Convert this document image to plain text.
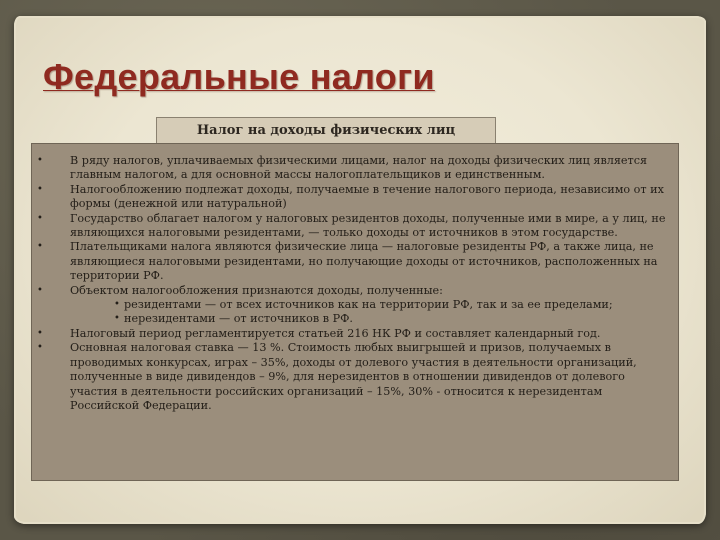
Федеральные налоги
Налог на доходы физических лиц
• В ряду налогов, уплачиваемых физическими лицами, налог на доходы физических лиц является главным налогом, а для основной массы налогоплательщиков и единственным.
• Налогообложению подлежат доходы, получаемые в течение налогового периода, независимо от их формы (денежной или натуральной)
• Государство облагает налогом у налоговых резидентов доходы, полученные ими в мире, а у лиц, не являющихся налоговыми резидентами, — только доходы от источников в этом государстве.
• Плательщиками налога являются физические лица — налоговые резиденты РФ, а также лица, не являющиеся налоговыми резидентами, но получающие доходы от источников, расположенных на территории РФ.
• Объектом налогообложения признаются доходы, полученные:
• резидентами — от всех источников как на территории РФ, так и за ее пределами;
• нерезидентами — от источников в РФ.
• Налоговый период регламентируется статьей 216 НК РФ и составляет календарный год.
• Основная налоговая ставка — 13 %. Стоимость любых выигрышей и призов, получаемых в проводимых конкурсах, играх – 35%, доходы от долевого участия в деятельности организаций, полученные в виде дивидендов – 9%, для нерезидентов в отношении дивидендов от долевого участия в деятельности российских организаций – 15%, 30% - относится к нерезидентам Российской Федерации.
